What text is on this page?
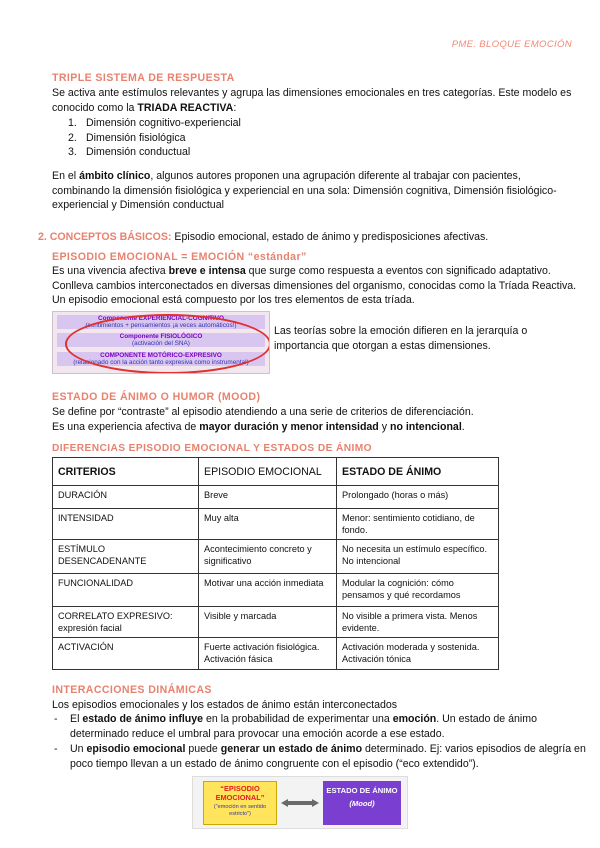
PME. BLOQUE EMOCIÓN
TRIPLE SISTEMA DE RESPUESTA
Se activa ante estímulos relevantes y agrupa las dimensiones emocionales en tres categorías. Este modelo es conocido como la TRIADA REACTIVA:
1. Dimensión cognitivo-experiencial
2. Dimensión fisiológica
3. Dimensión conductual
En el ámbito clínico, algunos autores proponen una agrupación diferente al trabajar con pacientes, combinando la dimensión fisiológica y experiencial en una sola: Dimensión cognitiva, Dimensión fisiológico-experiencial y Dimensión conductual
2. CONCEPTOS BÁSICOS: Episodio emocional, estado de ánimo y predisposiciones afectivas.
EPISODIO EMOCIONAL = EMOCIÓN “estándar”
Es una vivencia afectiva breve e intensa que surge como respuesta a eventos con significado adaptativo. Conlleva cambios interconectados en diversas dimensiones del organismo, conocidas como la Tríada Reactiva. Un episodio emocional está compuesto por los tres elementos de esta tríada.
Componente EXPERIENCIAL-COGNITIVO
(sentimientos + pensamientos ¡a veces automáticos!)
Componente FISIOLÓGICO
(activación del SNA)
COMPONENTE MOTÓRICO-EXPRESIVO
(relacionado con la acción tanto expresiva como instrumental)
Las teorías sobre la emoción difieren en la jerarquía o importancia que otorgan a estas dimensiones.
ESTADO DE ÁNIMO O HUMOR (MOOD)
Se define por “contraste” al episodio atendiendo a una serie de criterios de diferenciación.
Es una experiencia afectiva de mayor duración y menor intensidad y no intencional.
DIFERENCIAS EPISODIO EMOCIONAL Y ESTADOS DE ÁNIMO
CRITERIOS	EPISODIO EMOCIONAL	ESTADO DE ÁNIMO
DURACIÓN	Breve	Prolongado (horas o más)
INTENSIDAD	Muy alta	Menor: sentimiento cotidiano, de fondo.
ESTÍMULO DESENCADENANTE	Acontecimiento concreto y significativo	No necesita un estímulo específico. No intencional
FUNCIONALIDAD	Motivar una acción inmediata	Modular la cognición: cómo pensamos y qué recordamos
CORRELATO EXPRESIVO: expresión facial	Visible y marcada	No visible a primera vista. Menos evidente.
ACTIVACIÓN	Fuerte activación fisiológica. Activación fásica	Activación moderada y sostenida. Activación tónica
INTERACCIONES DINÁMICAS
Los episodios emocionales y los estados de ánimo están interconectados
- El estado de ánimo influye en la probabilidad de experimentar una emoción. Un estado de ánimo determinado reduce el umbral para provocar una emoción acorde a ese estado.
- Un episodio emocional puede generar un estado de ánimo determinado. Ej: varios episodios de alegría en poco tiempo llevan a un estado de ánimo congruente con el episodio (“eco extendido”).
“EPISODIO EMOCIONAL”
(“emoción en sentido estricto”)
ESTADO DE ÁNIMO
(Mood)
